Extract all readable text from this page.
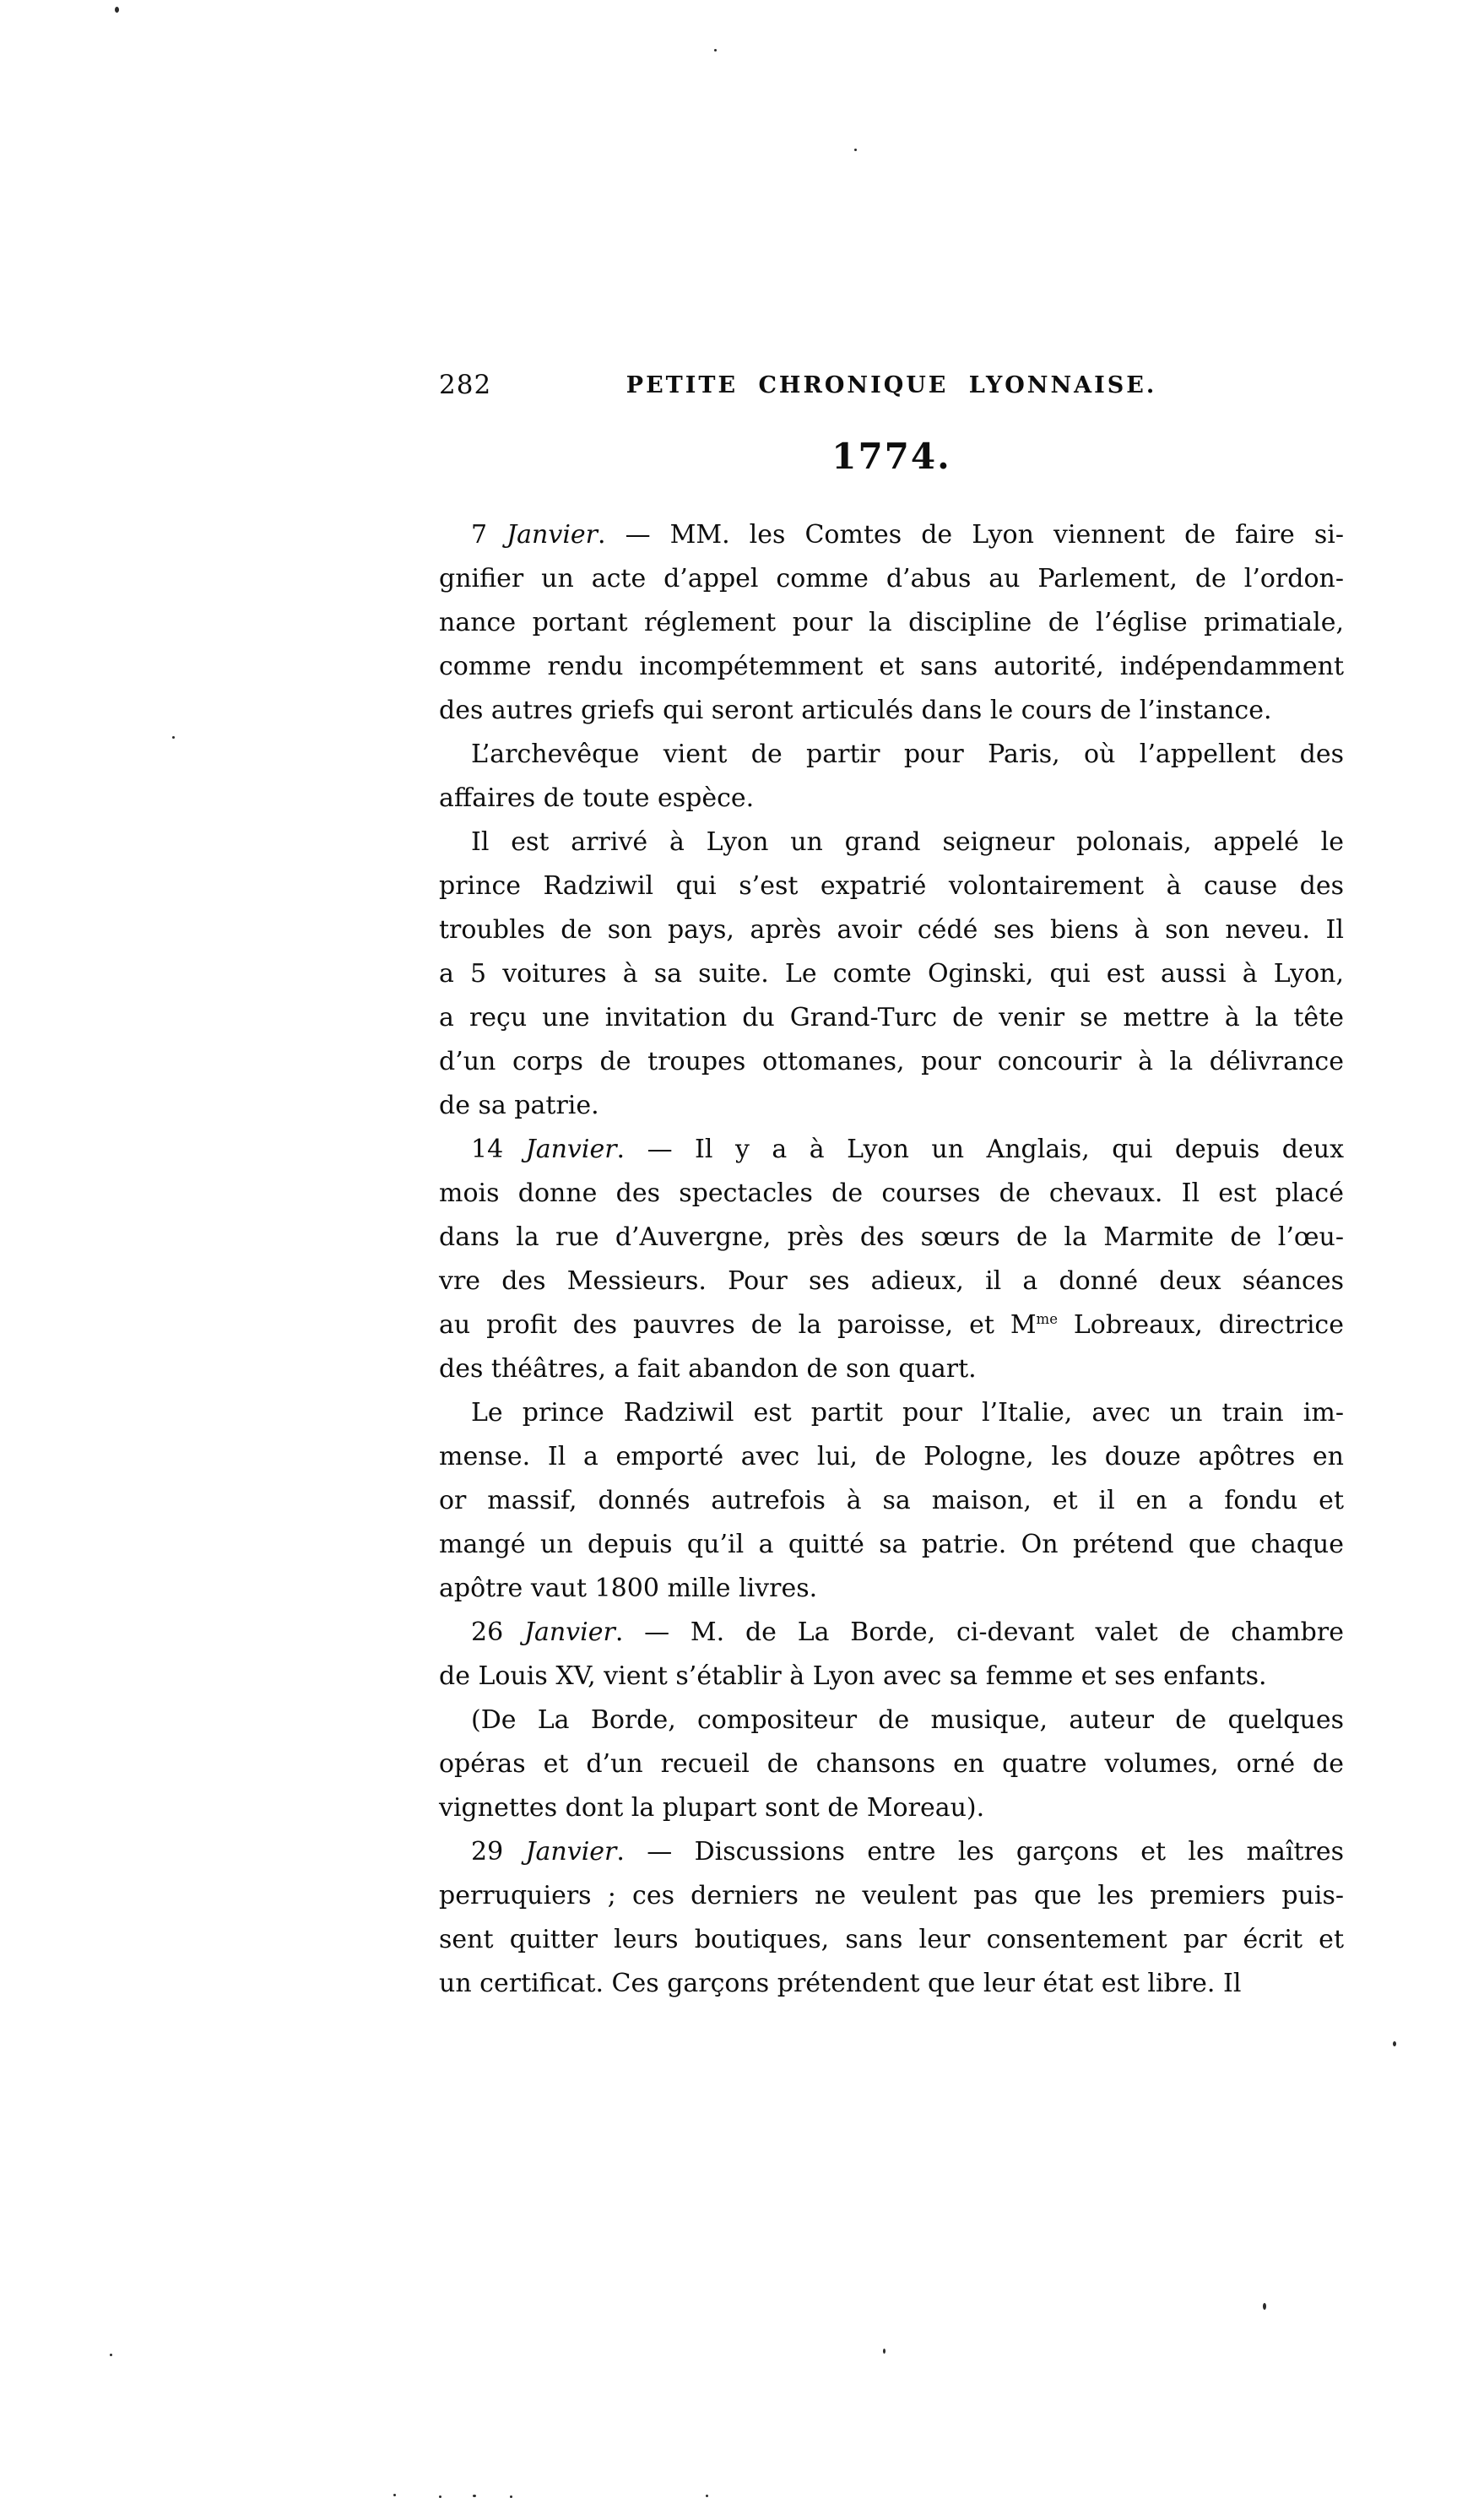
282	PETITE CHRONIQUE LYONNAISE.
1774.
7 Janvier. — MM. les Comtes de Lyon viennent de faire si-
gnifier un acte d’appel comme d’abus au Parlement, de l’ordon-
nance portant réglement pour la discipline de l’église primatiale,
comme rendu incompétemment et sans autorité, indépendamment
des autres griefs qui seront articulés dans le cours de l’instance.
L’archevêque vient de partir pour Paris, où l’appellent des
affaires de toute espèce.
Il est arrivé à Lyon un grand seigneur polonais, appelé le
prince Radziwil qui s’est expatrié volontairement à cause des
troubles de son pays, après avoir cédé ses biens à son neveu. Il
a 5 voitures à sa suite. Le comte Oginski, qui est aussi à Lyon,
a reçu une invitation du Grand-Turc de venir se mettre à la tête
d’un corps de troupes ottomanes, pour concourir à la délivrance
de sa patrie.
14 Janvier. — Il y a à Lyon un Anglais, qui depuis deux
mois donne des spectacles de courses de chevaux. Il est placé
dans la rue d’Auvergne, près des sœurs de la Marmite de l’œu-
vre des Messieurs. Pour ses adieux, il a donné deux séances
au profit des pauvres de la paroisse, et $M^{me}$ Lobreaux, directrice
des théâtres, a fait abandon de son quart.
Le prince Radziwil est partit pour l’Italie, avec un train im-
mense. Il a emporté avec lui, de Pologne, les douze apôtres en
or massif, donnés autrefois à sa maison, et il en a fondu et
mangé un depuis qu’il a quitté sa patrie. On prétend que chaque
apôtre vaut 1800 mille livres.
26 Janvier. — M. de La Borde, ci-devant valet de chambre
de Louis XV, vient s’établir à Lyon avec sa femme et ses enfants.
(De La Borde, compositeur de musique, auteur de quelques
opéras et d’un recueil de chansons en quatre volumes, orné de
vignettes dont la plupart sont de Moreau).
29 Janvier. — Discussions entre les garçons et les maîtres
perruquiers ; ces derniers ne veulent pas que les premiers puis-
sent quitter leurs boutiques, sans leur consentement par écrit et
un certificat. Ces garçons prétendent que leur état est libre. Il
